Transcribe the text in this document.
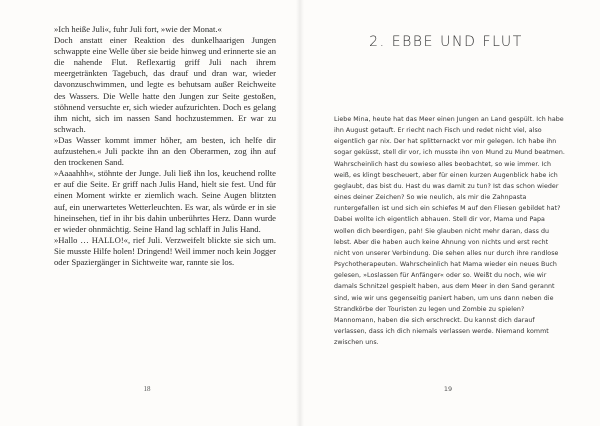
»Ich heiße Juli«, fuhr Juli fort, »wie der Monat.«

Doch anstatt einer Reaktion des dunkelhaarigen Jungen schwappte eine Welle über sie beide hinweg und erinnerte sie an die nahende Flut. Reflexartig griff Juli nach ihrem meergetränkten Tagebuch, das drauf und dran war, wieder davonzuschwimmen, und legte es behutsam außer Reichweite des Wassers. Die Welle hatte den Jungen zur Seite gestoßen, stöhnend versuchte er, sich wieder aufzurichten. Doch es gelang ihm nicht, sich im nassen Sand hochzustemmen. Er war zu schwach.

»Das Wasser kommt immer höher, am besten, ich helfe dir aufzustehen.« Juli packte ihn an den Oberarmen, zog ihn auf den trockenen Sand.

»Aaaahhh«, stöhnte der Junge. Juli ließ ihn los, keuchend rollte er auf die Seite. Er griff nach Julis Hand, hielt sie fest. Und für einen Moment wirkte er ziemlich wach. Seine Augen blitzten auf, ein unerwartetes Wetterleuchten. Es war, als würde er in sie hineinsehen, tief in ihr bis dahin unberührtes Herz. Dann wurde er wieder ohnmächtig. Seine Hand lag schlaff in Julis Hand.

»Hallo … HALLO!«, rief Juli. Verzweifelt blickte sie sich um. Sie musste Hilfe holen! Dringend! Weil immer noch kein Jogger oder Spaziergänger in Sichtweite war, rannte sie los.

18
2. EBBE UND FLUT

Liebe Mina, heute hat das Meer einen Jungen an Land gespült. Ich habe ihn August getauft. Er riecht nach Fisch und redet nicht viel, also eigentlich gar nix. Der hat splitternackt vor mir gelegen. Ich habe ihn sogar geküsst, stell dir vor, ich musste ihn von Mund zu Mund beatmen. Wahrscheinlich hast du sowieso alles beobachtet, so wie immer. Ich weiß, es klingt bescheuert, aber für einen kurzen Augenblick habe ich geglaubt, das bist du. Hast du was damit zu tun? Ist das schon wieder eines deiner Zeichen? So wie neulich, als mir die Zahnpasta runtergefallen ist und sich ein schiefes M auf den Fliesen gebildet hat? Dabei wollte ich eigentlich abhauen. Stell dir vor, Mama und Papa wollen dich beerdigen, pah! Sie glauben nicht mehr daran, dass du lebst. Aber die haben auch keine Ahnung von nichts und erst recht nicht von unserer Verbindung. Die sehen alles nur durch ihre randlose Psychotherapeuten. Wahrscheinlich hat Mama wieder ein neues Buch gelesen, »Loslassen für Anfänger« oder so. Weißt du noch, wie wir damals Schnitzel gespielt haben, aus dem Meer in den Sand gerannt sind, wie wir uns gegenseitig paniert haben, um uns dann neben die Strandkörbe der Touristen zu legen und Zombie zu spielen? Mannomann, haben die sich erschreckt. Du kannst dich darauf verlassen, dass ich dich niemals verlassen werde. Niemand kommt zwischen uns.

19
